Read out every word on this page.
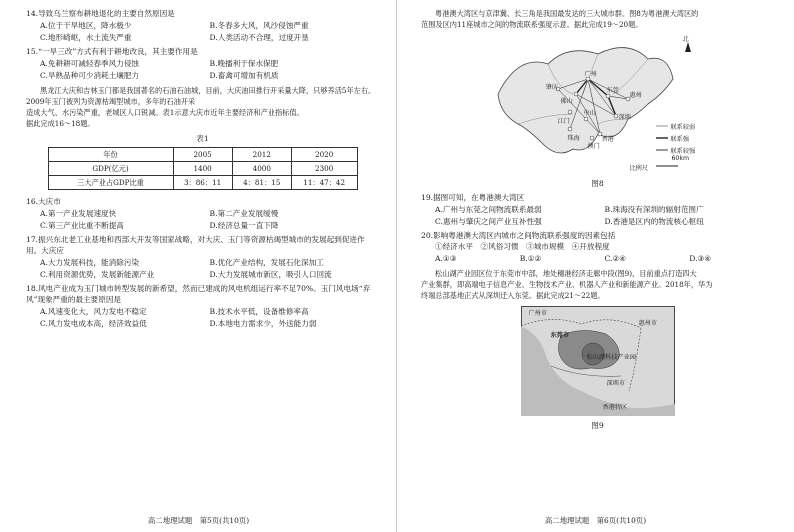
14.导致乌兰察布耕地退化的主要自然原因是

A.位于干旱地区，降水极少	B.冬春多大风，风沙侵蚀严重
C.地形崎岖，水土流失严重	D.人类活动不合理，过度开垦

15.“一旱三改”方式有利于耕地改良，其主要作用是

A.免耕耕可减轻春季风力侵蚀	B.晚播利于保水保肥
C.旱熟品种可少消耗土壤肥力	D.畜禽可增加有机质

黑龙江大庆和吉林玉门都是我国著名的石油石油城，目前，大庆油田推行开采量大降，只够养活5年左右。2009年玉门被列为资源枯竭型城市，多年的石油开采

造成大气、水污染严重，老城区人口锐减。表1示意大庆市近年主要经济和产业指标值。

据此完成16～18题。

表1
年份	2005	2012	2020
GDP(亿元)	1400	4000	2300
三大产业占GDP比重	3：86：11	4：81：15	11：47：42

16.大庆市

A.第一产业发展速度快	B.第二产业发展缓慢
C.第三产业比重不断提高	D.经济总量一直下降

17.振兴东北老工业基地和西部大开发等国家战略，对大庆、玉门等资源枯竭型城市的发展起到促进作用。大庆应

A.大力发展科技，能消除污染	B.优化产业结构，发展石化深加工
C.利用资源优势，发展新能源产业	D.大力发展城市新区，吸引人口回流

18.风电产业成为玉门城市转型发展的新希望，然而已建成的风电机组运行率不足70%。玉门风电场“弃风”现象严重的最主要原因是

A.风速变化大，风力发电不稳定	B.技术水平低，设备维修率高
C.风力发电成本高，经济效益低	D.本地电力需求少，外送能力弱
高二地理试题　第5页(共10页)

粤港澳大湾区与京津冀、长三角是我国最发达的三大城市群。图8为粤港澳大湾区的

范围及区内11座城市之间的物流联系强度示意。据此完成19～20题。

北
肇庆
广州
东莞
惠州
佛山
深圳
江门
中山
香港
珠海
澳门
联系较弱
联系强
联系较强
比例尺
60km
图8

19.据图可知，在粤港澳大湾区

A.广州与东莞之间物流联系最弱	B.珠海没有深圳的辐射范围广
C.惠州与肇庆之间产业互补性强	D.香港是区内的物流核心枢纽

20.影响粤港澳大湾区内城市之间物流联系强度的因素包括

①经济水平　②风俗习惯　③城市规模　④开放程度

A.①③	B.①②	C.②④	D.③④

松山湖产业园区位于东莞市中部，地处穗港经济走廊中段(图9)，目前重点打造四大

产业集群，即高端电子信息产业、生物技术产业、机器人产业和新能源产业。2018年，华为

终端总部基地正式从深圳迁入东莞。据此完成21～22题。

广州市
惠州市
东莞市
松山湖科技产业园
深圳市
香港特区
图9
高二地理试题　第6页(共10页)
